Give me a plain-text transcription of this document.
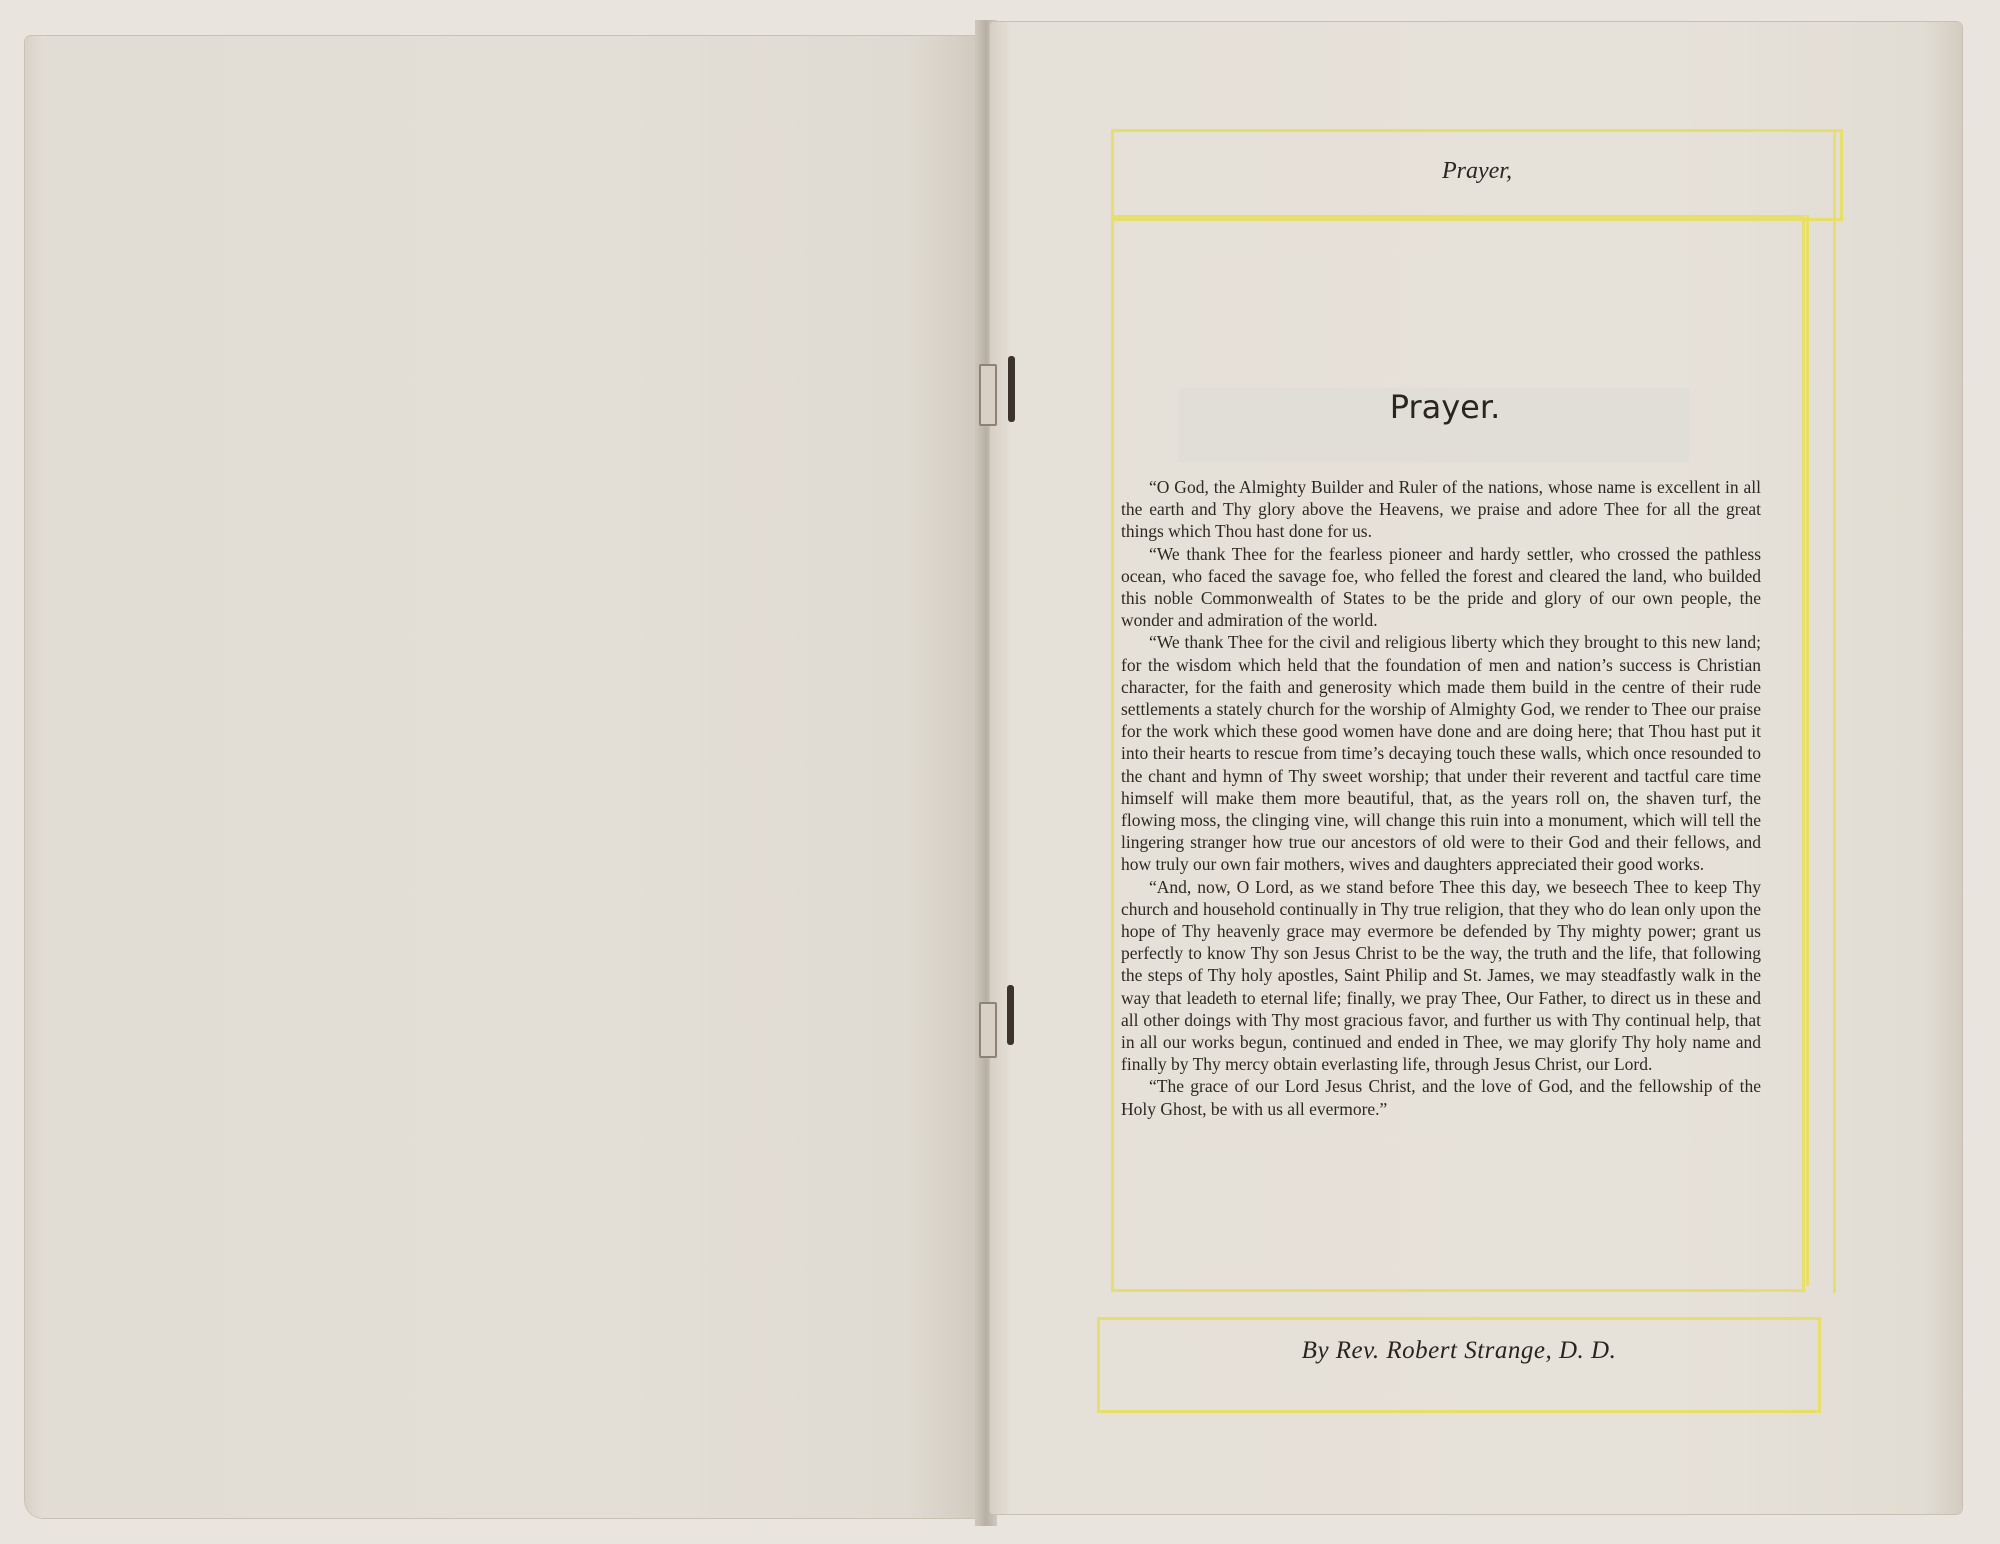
Prayer,
Prayer.

“O God, the Almighty Builder and Ruler of the nations, whose name is excellent in all the earth and Thy glory above the Heavens, we praise and adore Thee for all the great things which Thou hast done for us.

“We thank Thee for the fearless pioneer and hardy settler, who crossed the pathless ocean, who faced the savage foe, who felled the forest and cleared the land, who builded this noble Commonwealth of States to be the pride and glory of our own people, the wonder and admiration of the world.

“We thank Thee for the civil and religious liberty which they brought to this new land; for the wisdom which held that the foundation of men and nation’s success is Christian character, for the faith and generosity which made them build in the centre of their rude settlements a stately church for the worship of Almighty God, we render to Thee our praise for the work which these good women have done and are doing here; that Thou hast put it into their hearts to rescue from time’s decaying touch these walls, which once resounded to the chant and hymn of Thy sweet worship; that under their reverent and tactful care time himself will make them more beautiful, that, as the years roll on, the shaven turf, the flowing moss, the clinging vine, will change this ruin into a monument, which will tell the lingering stranger how true our ancestors of old were to their God and their fellows, and how truly our own fair mothers, wives and daughters appreciated their good works.

“And, now, O Lord, as we stand before Thee this day, we beseech Thee to keep Thy church and household continually in Thy true religion, that they who do lean only upon the hope of Thy heavenly grace may evermore be defended by Thy mighty power; grant us perfectly to know Thy son Jesus Christ to be the way, the truth and the life, that following the steps of Thy holy apostles, Saint Philip and St. James, we may steadfastly walk in the way that leadeth to eternal life; finally, we pray Thee, Our Father, to direct us in these and all other doings with Thy most gracious favor, and further us with Thy continual help, that in all our works begun, continued and ended in Thee, we may glorify Thy holy name and finally by Thy mercy obtain everlasting life, through Jesus Christ, our Lord.

“The grace of our Lord Jesus Christ, and the love of God, and the fellowship of the Holy Ghost, be with us all evermore.”

By Rev. Robert Strange, D. D.
